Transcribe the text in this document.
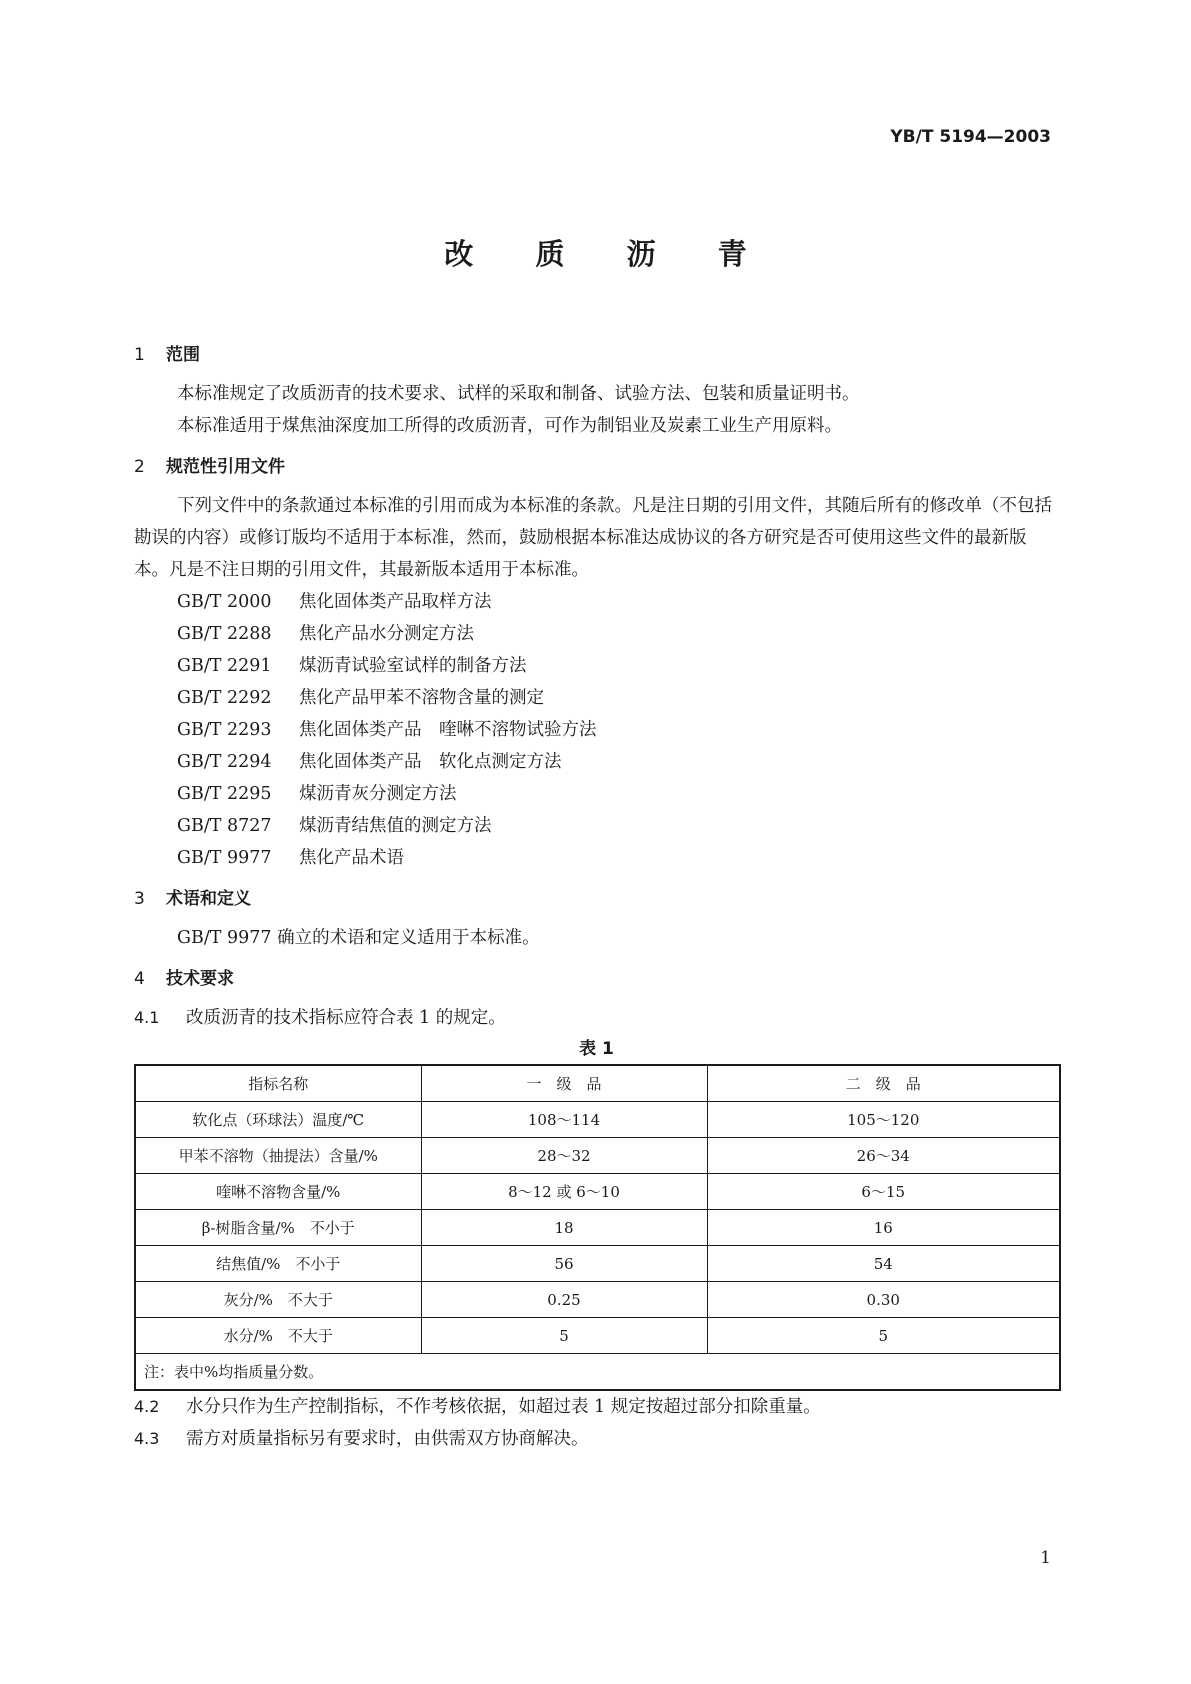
YB/T 5194—2003
改 质 沥 青
1 范围

本标准规定了改质沥青的技术要求、试样的采取和制备、试验方法、包装和质量证明书。

本标准适用于煤焦油深度加工所得的改质沥青，可作为制铝业及炭素工业生产用原料。

2 规范性引用文件

下列文件中的条款通过本标准的引用而成为本标准的条款。凡是注日期的引用文件，其随后所有的修改单（不包括勘误的内容）或修订版均不适用于本标准，然而，鼓励根据本标准达成协议的各方研究是否可使用这些文件的最新版本。凡是不注日期的引用文件，其最新版本适用于本标准。

GB/T 2000 焦化固体类产品取样方法
GB/T 2288 焦化产品水分测定方法
GB/T 2291 煤沥青试验室试样的制备方法
GB/T 2292 焦化产品甲苯不溶物含量的测定
GB/T 2293 焦化固体类产品　喹啉不溶物试验方法
GB/T 2294 焦化固体类产品　软化点测定方法
GB/T 2295 煤沥青灰分测定方法
GB/T 8727 煤沥青结焦值的测定方法
GB/T 9977 焦化产品术语
3 术语和定义

GB/T 9977 确立的术语和定义适用于本标准。

4 技术要求
4.1 改质沥青的技术指标应符合表 1 的规定。
表 1
指标名称	一　级　品	二　级　品
软化点（环球法）温度/℃	108～114	105～120
甲苯不溶物（抽提法）含量/%	28～32	26～34
喹啉不溶物含量/%	8～12 或 6～10	6～15
β-树脂含量/%　不小于	18	16
结焦值/%　不小于	56	54
灰分/%　不大于	0.25	0.30
水分/%　不大于	5	5
注：表中%均指质量分数。		
4.2 水分只作为生产控制指标，不作考核依据，如超过表 1 规定按超过部分扣除重量。
4.3 需方对质量指标另有要求时，由供需双方协商解决。
1
